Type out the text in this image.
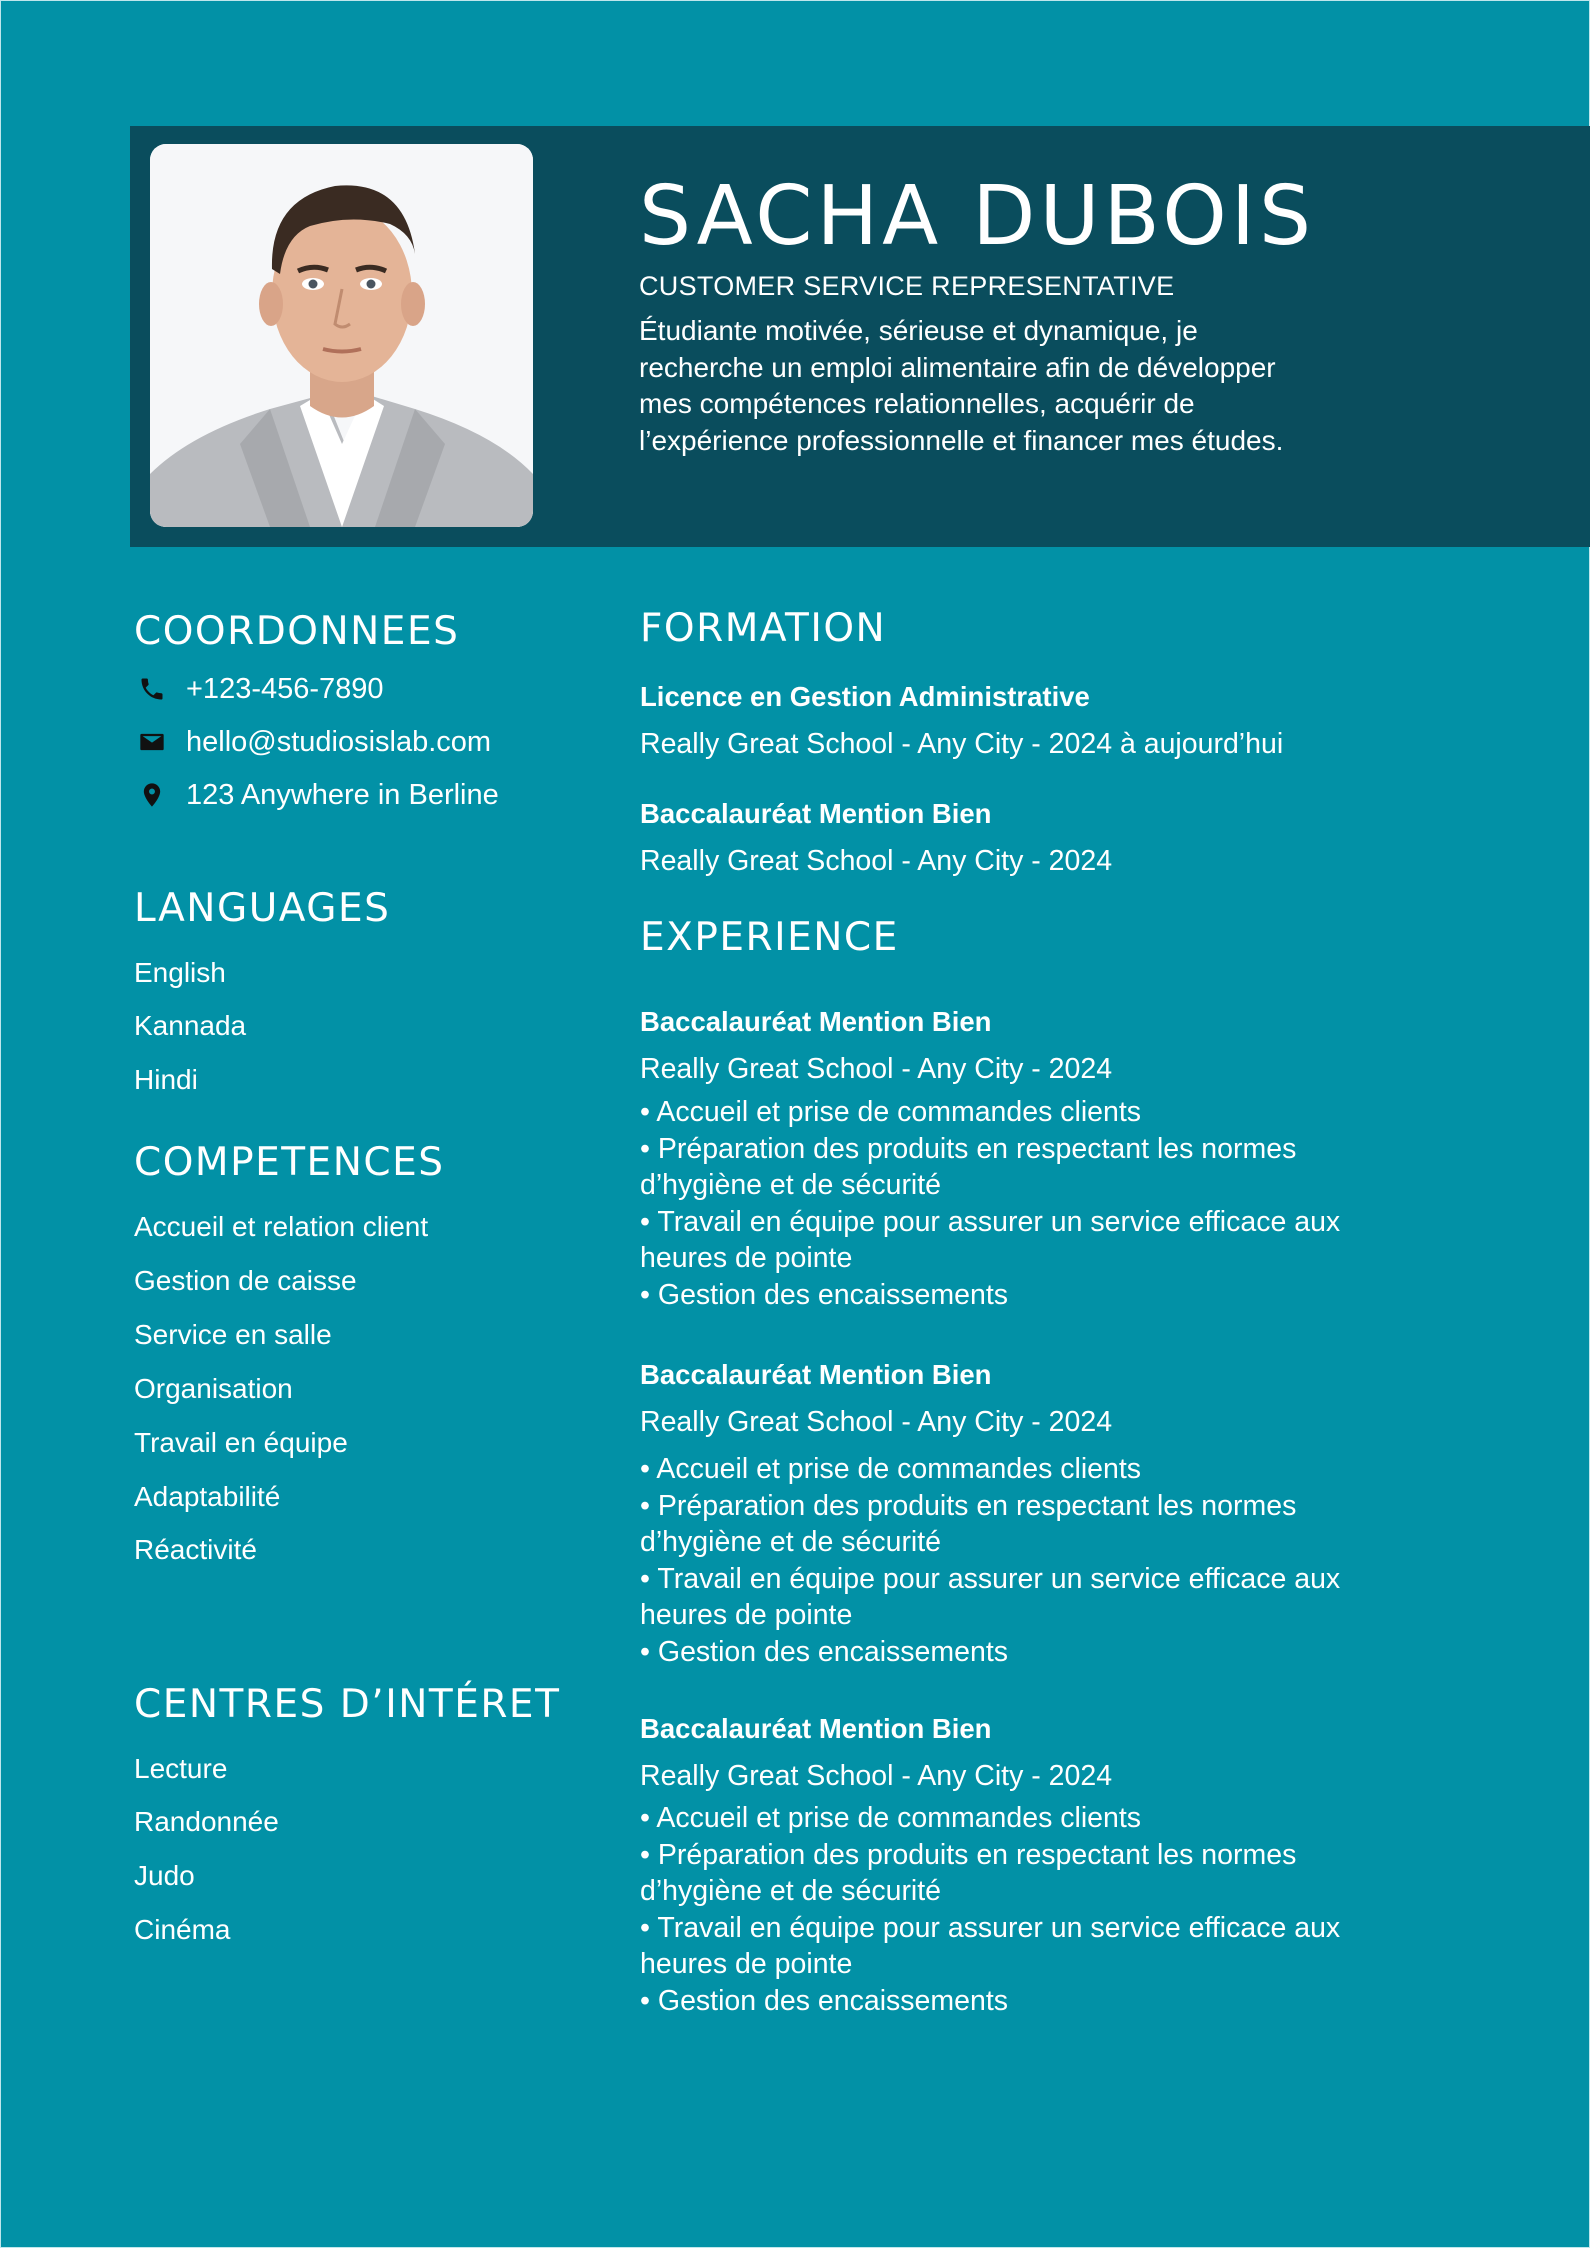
SACHA DUBOIS
CUSTOMER SERVICE REPRESENTATIVE
Étudiante motivée, sérieuse et dynamique, je recherche un emploi alimentaire afin de développer mes compétences relationnelles, acquérir de l’expérience professionnelle et financer mes études.
COORDONNEES
+123-456-7890
hello@studiosislab.com
123 Anywhere in Berline
LANGUAGES
English
Kannada
Hindi
COMPETENCES
Accueil et relation client
Gestion de caisse
Service en salle
Organisation
Travail en équipe
Adaptabilité
Réactivité
CENTRES D’INTÉRET
Lecture
Randonnée
Judo
Cinéma
FORMATION
Licence en Gestion Administrative
Really Great School - Any City - 2024 à aujourd’hui
Baccalauréat Mention Bien
Really Great School - Any City - 2024
EXPERIENCE
Baccalauréat Mention Bien
Really Great School - Any City - 2024
• Accueil et prise de commandes clients
• Préparation des produits en respectant les normes d’hygiène et de sécurité
• Travail en équipe pour assurer un service efficace aux heures de pointe
• Gestion des encaissements
Baccalauréat Mention Bien
Really Great School - Any City - 2024
• Accueil et prise de commandes clients
• Préparation des produits en respectant les normes d’hygiène et de sécurité
• Travail en équipe pour assurer un service efficace aux heures de pointe
• Gestion des encaissements
Baccalauréat Mention Bien
Really Great School - Any City - 2024
• Accueil et prise de commandes clients
• Préparation des produits en respectant les normes d’hygiène et de sécurité
• Travail en équipe pour assurer un service efficace aux heures de pointe
• Gestion des encaissements
